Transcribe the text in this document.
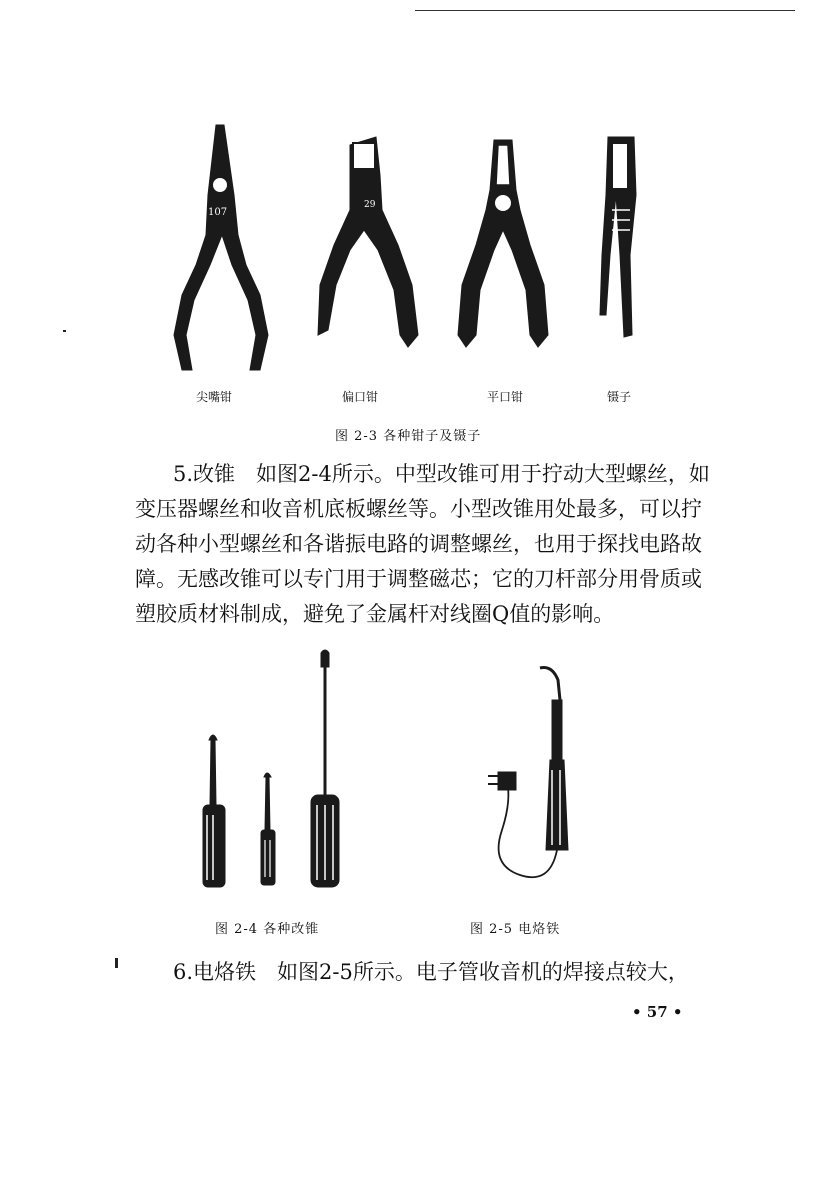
107
29
尖嘴钳	偏口钳	平口钳	镊子
图 2-3 各种钳子及镊子

5.改锥　如图2-4所示。中型改锥可用于拧动大型螺丝，如

变压器螺丝和收音机底板螺丝等。小型改锥用处最多，可以拧

动各种小型螺丝和各谐振电路的调整螺丝，也用于探找电路故

障。无感改锥可以专门用于调整磁芯；它的刀杆部分用骨质或

塑胶质材料制成，避免了金属杆对线圈Q值的影响。

图 2-4 各种改锥	图 2-5 电烙铁

6.电烙铁　如图2-5所示。电子管收音机的焊接点较大，

• 57 •
